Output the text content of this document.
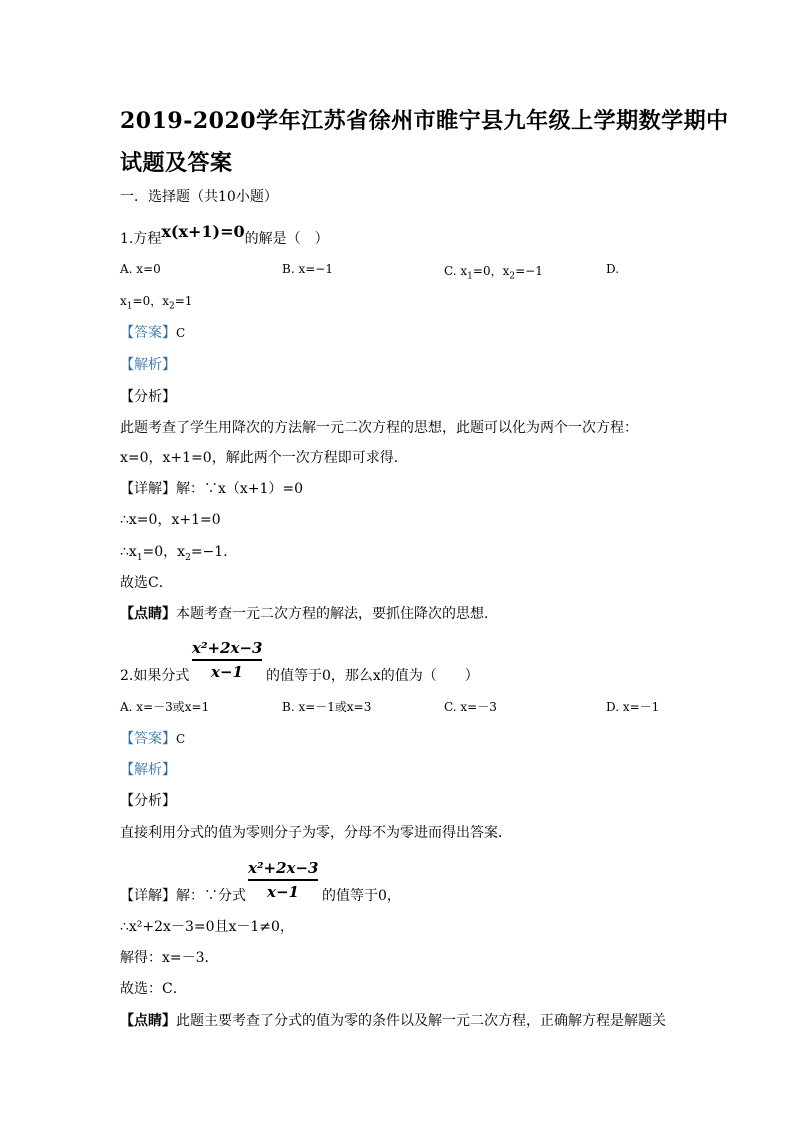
2019-2020学年江苏省徐州市睢宁县九年级上学期数学期中
试题及答案
一．选择题（共10小题）
1.方程x(x+1)=0的解是（　）
A. x=0	B. x=−1	C. $x_1=0$，$x_2=-1$	D.
$x_1=0$，$x_2=1$
【答案】C
【解析】
【分析】
此题考查了学生用降次的方法解一元二次方程的思想，此题可以化为两个一次方程：
x=0，x+1=0，解此两个一次方程即可求得．
【详解】解：∵x（x+1）=0
∴x=0，x+1=0
$\therefore x_1=0$，$x_2=-1$．
故选C．
【点睛】本题考查一元二次方程的解法，要抓住降次的思想．
2.如果分式
x²+2x−3
x−1	的值等于0，那么x的值为（　　）
A. x=－3或x=1	B. x=－1或x=3	C. x=－3	D. x=－1
【答案】C
【解析】
【分析】
直接利用分式的值为零则分子为零，分母不为零进而得出答案．
x²+2x−3
x−1
【详解】解：∵分式	的值等于0，
∴x²+2x－3=0且x－1≠0，
解得：x=－3．
故选：C．
【点睛】此题主要考查了分式的值为零的条件以及解一元二次方程，正确解方程是解题关
